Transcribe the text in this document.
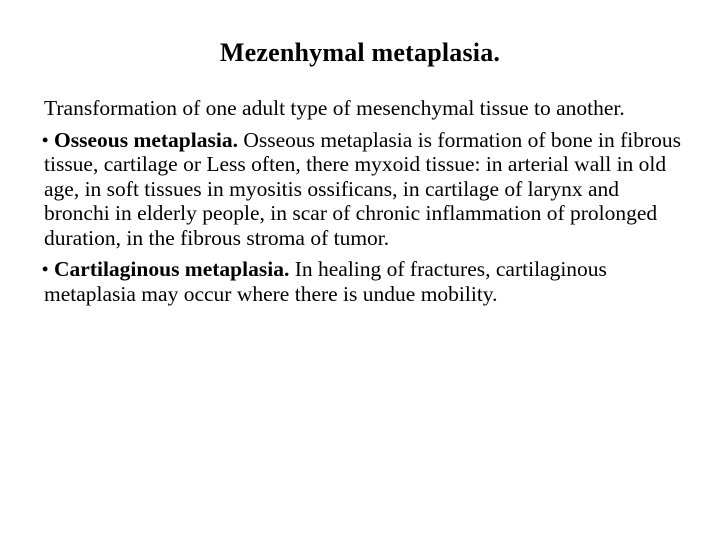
Mezenhymal metaplasia.

Transformation of one adult type of mesenchymal tissue to another.

• Osseous metaplasia. Osseous metaplasia is formation of bone in fibrous tissue, cartilage or Less often, there myxoid tissue: in arterial wall in old age, in soft tissues in myositis ossificans, in cartilage of larynx and bronchi in elderly people, in scar of chronic inflammation of prolonged duration, in the fibrous stroma of tumor.
• Cartilaginous metaplasia. In healing of fractures, cartilaginous metaplasia may occur where there is undue mobility.
